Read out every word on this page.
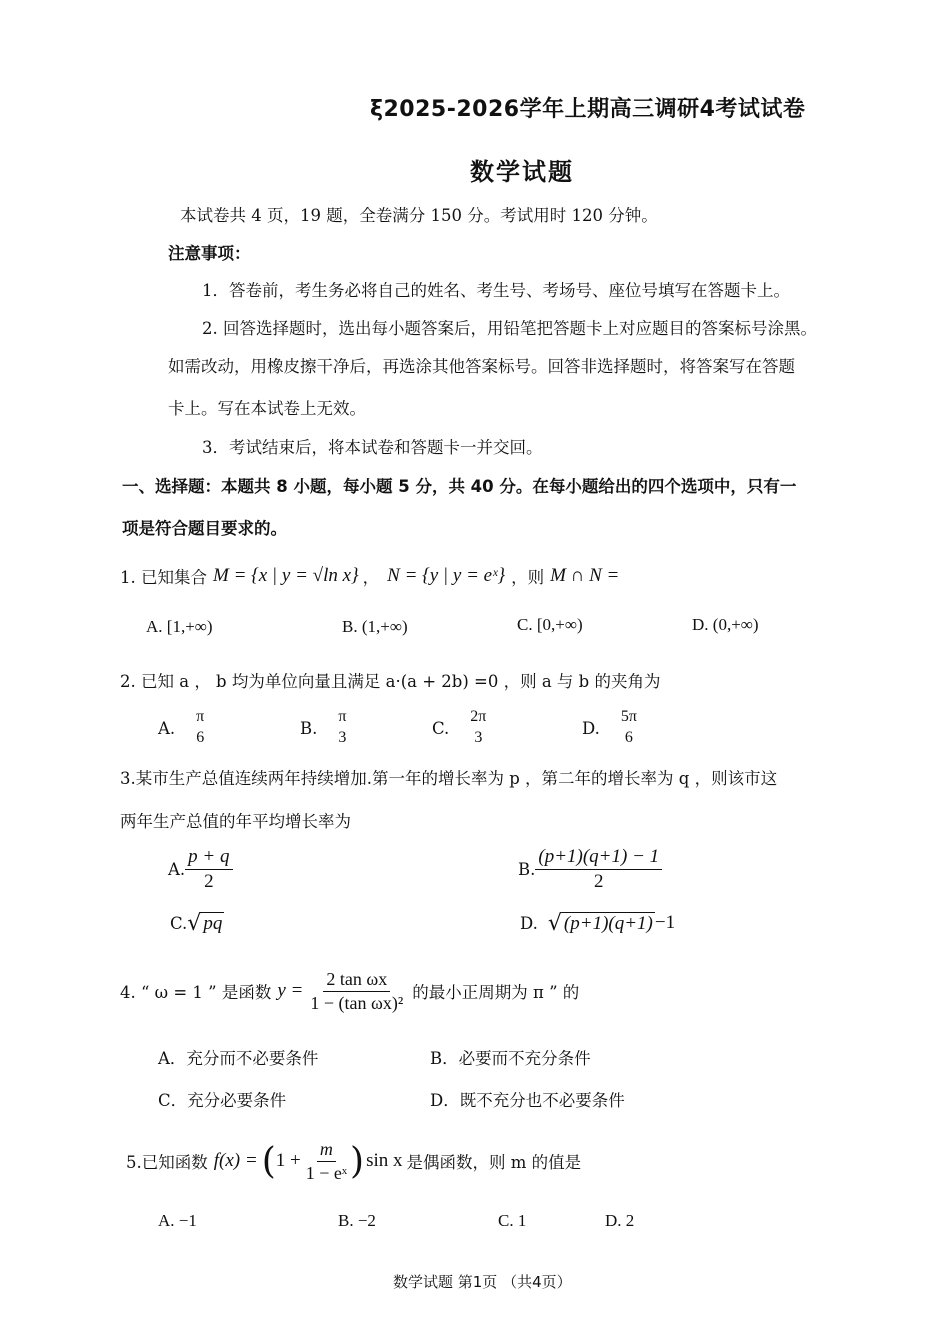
ξ2025-2026学年上期高三调研4考试试卷
数学试题
本试卷共 4 页，19 题，全卷满分 150 分。考试用时 120 分钟。
注意事项：
1．答卷前，考生务必将自己的姓名、考生号、考场号、座位号填写在答题卡上。
2. 回答选择题时，选出每小题答案后，用铅笔把答题卡上对应题目的答案标号涂黑。
如需改动，用橡皮擦干净后，再选涂其他答案标号。回答非选择题时，将答案写在答题
卡上。写在本试卷上无效。
3．考试结束后，将本试卷和答题卡一并交回。
一、选择题：本题共 8 小题，每小题 5 分，共 40 分。在每小题给出的四个选项中，只有一
项是符合题目要求的。
1. 已知集合 M = {x | y = √ln x} ， N = {y | y = eˣ} ，则 M ∩ N =
A. [1,+∞)	B. (1,+∞)	C. [0,+∞)	D. (0,+∞)
2. 已知 a ， b 均为单位向量且满足 a·(a + 2b) =0 ，则 a 与 b 的夹角为
A.
π
6	B.
π
3	C.
2π
3	D.
5π
6
3.某市生产总值连续两年持续增加.第一年的增长率为 p ，第二年的增长率为 q ，则该市这
两年生产总值的年平均增长率为
A. $\frac{p + q}{2}$	B. $\frac{(p+1)(q+1) - 1}{2}$
C. √ pq	D. √ (p+1)(q+1) −1
4. “ ω = 1 ” 是函数 $y = \frac{\text{2 tan ωx}}{\text{1 − (tan ωx)²}}$ 的最小正周期为 π ” 的
A．充分而不必要条件	B．必要而不充分条件
C．充分必要条件	D．既不充分也不必要条件
5.已知函数 f(x) = ( $1 + \frac{m}{\text{1 − eˣ}}$ ) sin x 是偶函数，则 m 的值是
A. −1	B. −2	C. 1	D. 2
数学试题 第1页 （共4页）
